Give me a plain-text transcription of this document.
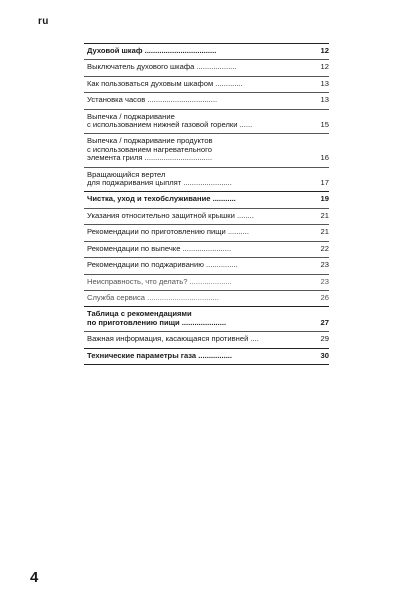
ru
Духовой шкаф ..................................	12
Выключатель духового шкафа ...................	12
Как пользоваться духовым шкафом .............	13
Установка часов .................................	13
Выпечка / поджаривание
с использованием нижней газовой горелки ......	15
Выпечка / поджаривание продуктов
с использованием нагревательного
элемента гриля ................................	16
Вращающийся вертел
для поджаривания цыплят .......................	17
Чистка, уход и техобслуживание ...........	19
Указания относительно защитной крышки ........	21
Рекомендации по приготовлению пищи ..........	21
Рекомендации по выпечке .......................	22
Рекомендации по поджариванию ...............	23
Неисправность, что делать? ....................	23
Служба сервиса ..................................	26
Таблица с рекомендациями
по приготовлению пищи .....................	27
Важная информация, касающаяся противней ....	29
Технические параметры газа ................	30
4
